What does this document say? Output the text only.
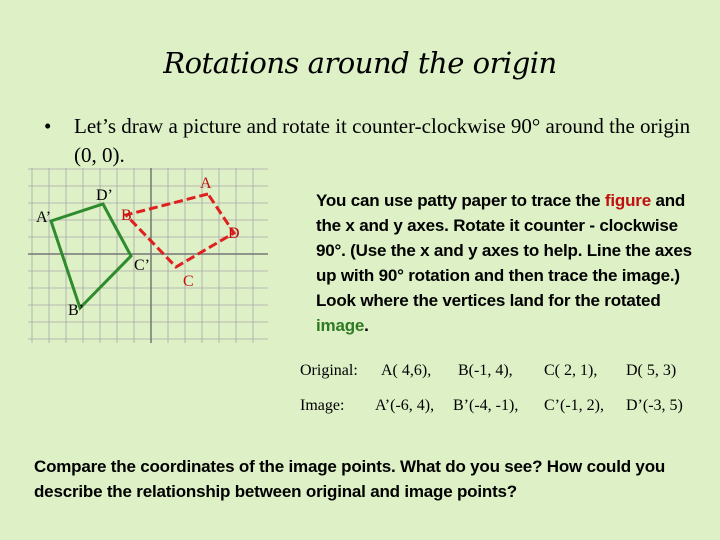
Rotations around the origin
• Let’s draw a picture and rotate it counter-clockwise 90° around the origin (0, 0).
A
B
C
D
A’
B’
C’
D’	You can use patty paper to trace the figure and the x and y axes. Rotate it counter - clockwise 90°. (Use the x and y axes to help. Line the axes up with 90° rotation and then trace the image.) Look where the vertices land for the rotated image.
Original: A( 4,6), B(-1, 4), C( 2, 1), D( 5, 3)
Image: A’(-6, 4), B’(-4, -1), C’(-1, 2), D’(-3, 5)
Compare the coordinates of the image points. What do you see? How could you describe the relationship between original and image points?
